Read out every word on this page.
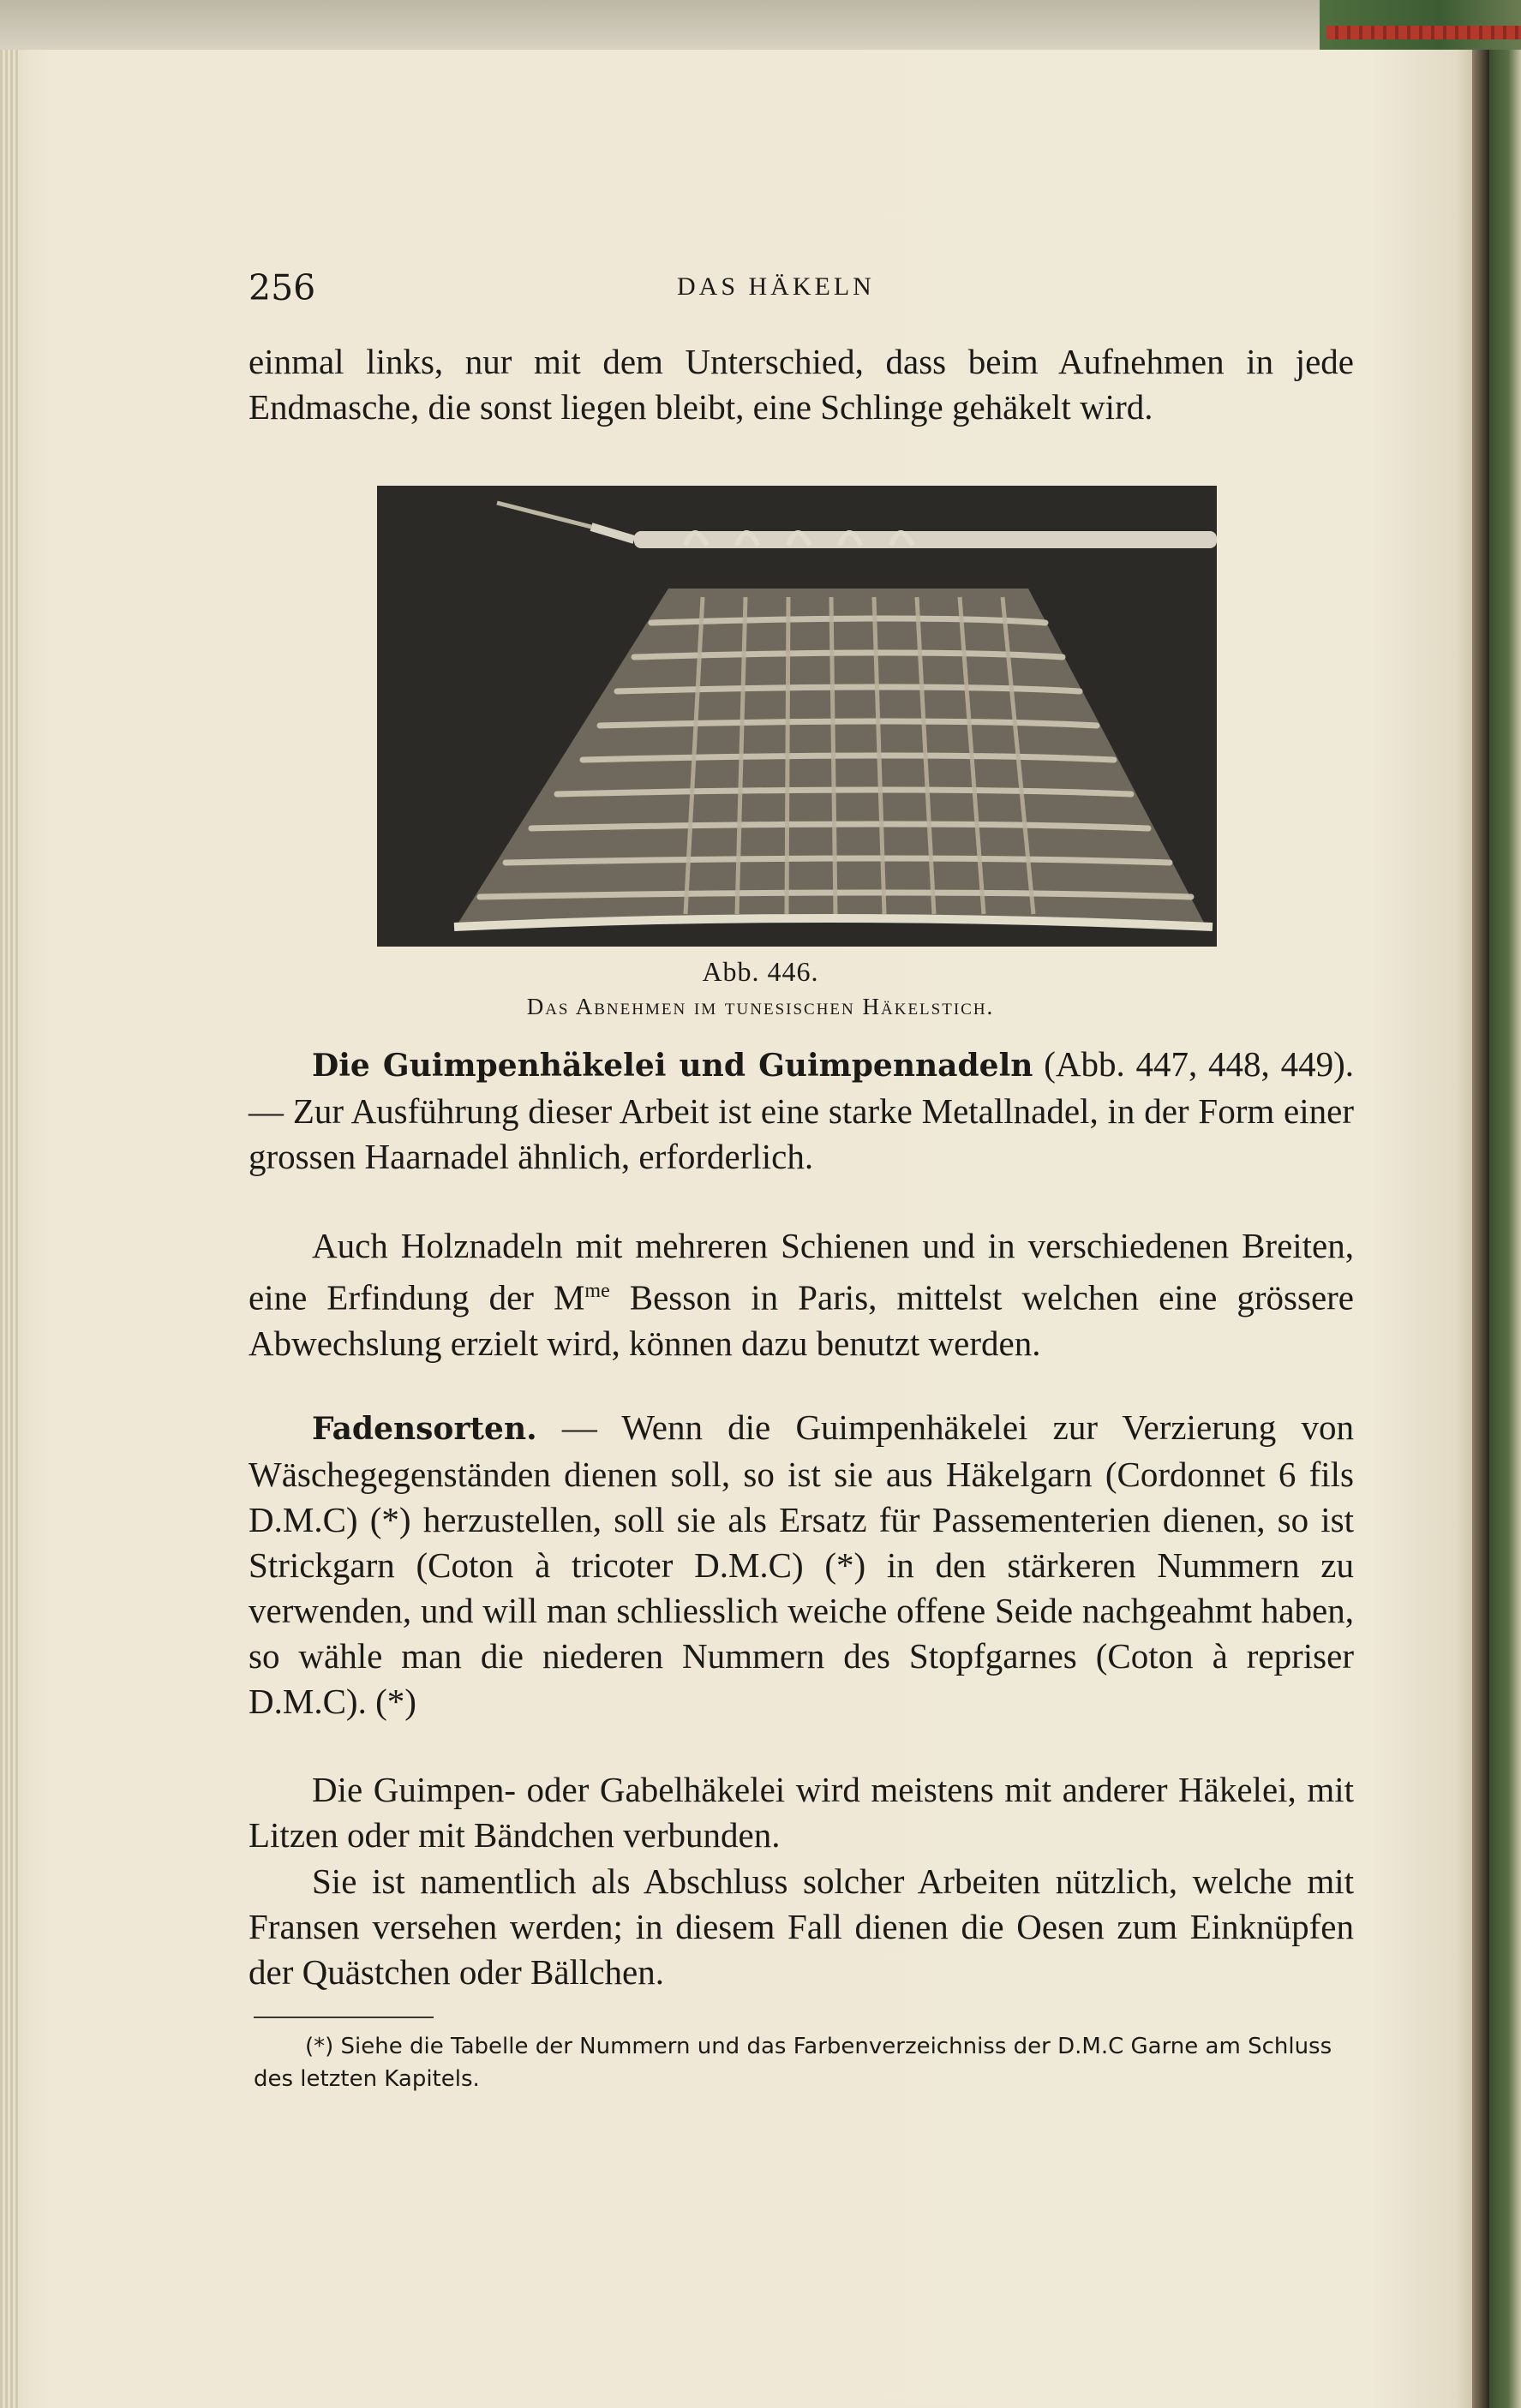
256	DAS HÄKELN

einmal links, nur mit dem Unterschied, dass beim Aufnehmen in jede Endmasche, die sonst liegen bleibt, eine Schlinge gehäkelt wird.

Abb. 446.
Das Abnehmen im tunesischen Häkelstich.

Die Guimpenhäkelei und Guimpennadeln (Abb. 447, 448, 449). — Zur Ausführung dieser Arbeit ist eine starke Metallnadel, in der Form einer grossen Haarnadel ähnlich, erforderlich.

Auch Holznadeln mit mehreren Schienen und in verschiedenen Breiten, eine Erfindung der $M^{me}$ Besson in Paris, mittelst welchen eine grössere Abwechslung erzielt wird, können dazu benutzt werden.

Fadensorten. — Wenn die Guimpenhäkelei zur Verzierung von Wäschegegenständen dienen soll, so ist sie aus Häkelgarn (Cordonnet 6 fils D.M.C) (*) herzustellen, soll sie als Ersatz für Passementerien dienen, so ist Strickgarn (Coton à tricoter D.M.C) (*) in den stärkeren Nummern zu verwenden, und will man schliesslich weiche offene Seide nachgeahmt haben, so wähle man die niederen Nummern des Stopfgarnes (Coton à repriser D.M.C). (*)

Die Guimpen- oder Gabelhäkelei wird meistens mit anderer Häkelei, mit Litzen oder mit Bändchen verbunden.

Sie ist namentlich als Abschluss solcher Arbeiten nützlich, welche mit Fransen versehen werden; in diesem Fall dienen die Oesen zum Einknüpfen der Quästchen oder Bällchen.

(*) Siehe die Tabelle der Nummern und das Farbenverzeichniss der D.M.C Garne am Schluss des letzten Kapitels.
